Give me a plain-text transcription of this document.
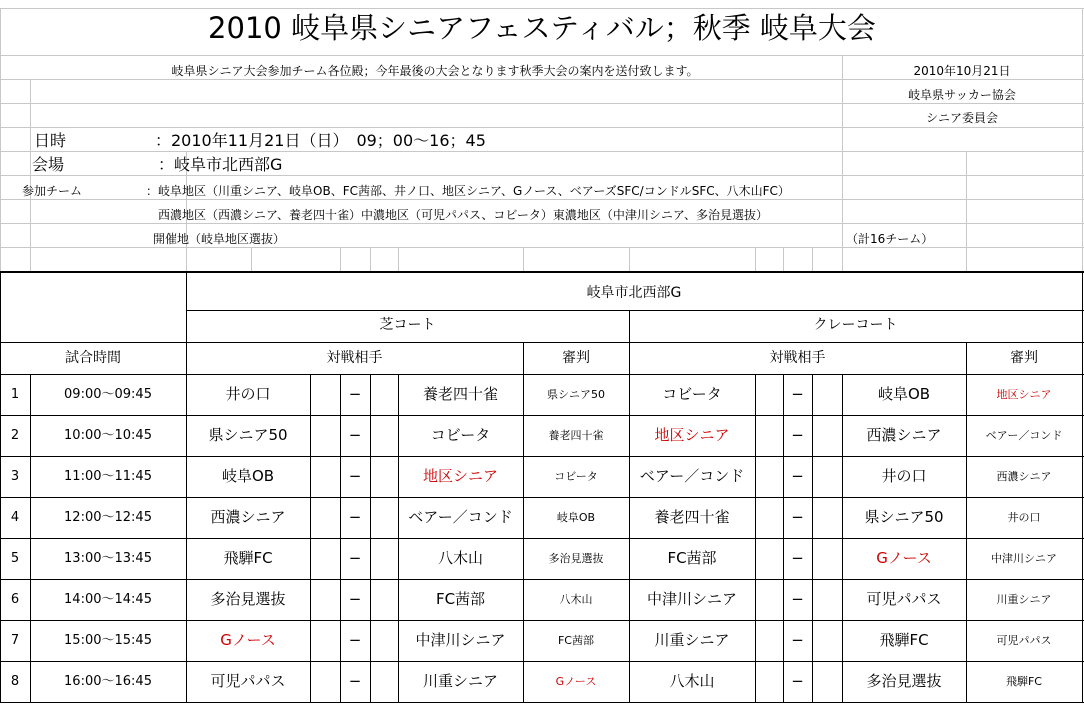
2010 岐阜県シニアフェスティバル；秋季 岐阜大会
岐阜県シニア大会参加チーム各位殿；今年最後の大会となります秋季大会の案内を送付致します。	2010年10月21日
岐阜県サッカー協会
シニア委員会
日時	：2010年11月21日（日）　09；00〜16；45
会場	：岐阜市北西部G
参加チーム	：岐阜地区（川重シニア、岐阜OB、FC茜部、井ノ口、地区シニア、Gノース、ベアーズSFC/コンドルSFC、八木山FC）
西濃地区（西濃シニア、養老四十雀）中濃地区（可児パパス、コビータ）東濃地区（中津川シニア、多治見選抜）
開催地（岐阜地区選抜）	（計16チーム）
岐阜市北西部G
芝コート	クレーコート
試合時間	対戦相手	審判	対戦相手	審判
1	09:00〜09:45	井の口	−	養老四十雀	県シニア50	コビータ	−	岐阜OB	地区シニア
2	10:00〜10:45	県シニア50	−	コビータ	養老四十雀	地区シニア	−	西濃シニア	ベアー／コンド
3	11:00〜11:45	岐阜OB	−	地区シニア	コビータ	ベアー／コンド	−	井の口	西濃シニア
4	12:00〜12:45	西濃シニア	−	ベアー／コンド	岐阜OB	養老四十雀	−	県シニア50	井の口
5	13:00〜13:45	飛騨FC	−	八木山	多治見選抜	FC茜部	−	Gノース	中津川シニア
6	14:00〜14:45	多治見選抜	−	FC茜部	八木山	中津川シニア	−	可児パパス	川重シニア
7	15:00〜15:45	Gノース	−	中津川シニア	FC茜部	川重シニア	−	飛騨FC	可児パパス
8	16:00〜16:45	可児パパス	−	川重シニア	Gノース	八木山	−	多治見選抜	飛騨FC
